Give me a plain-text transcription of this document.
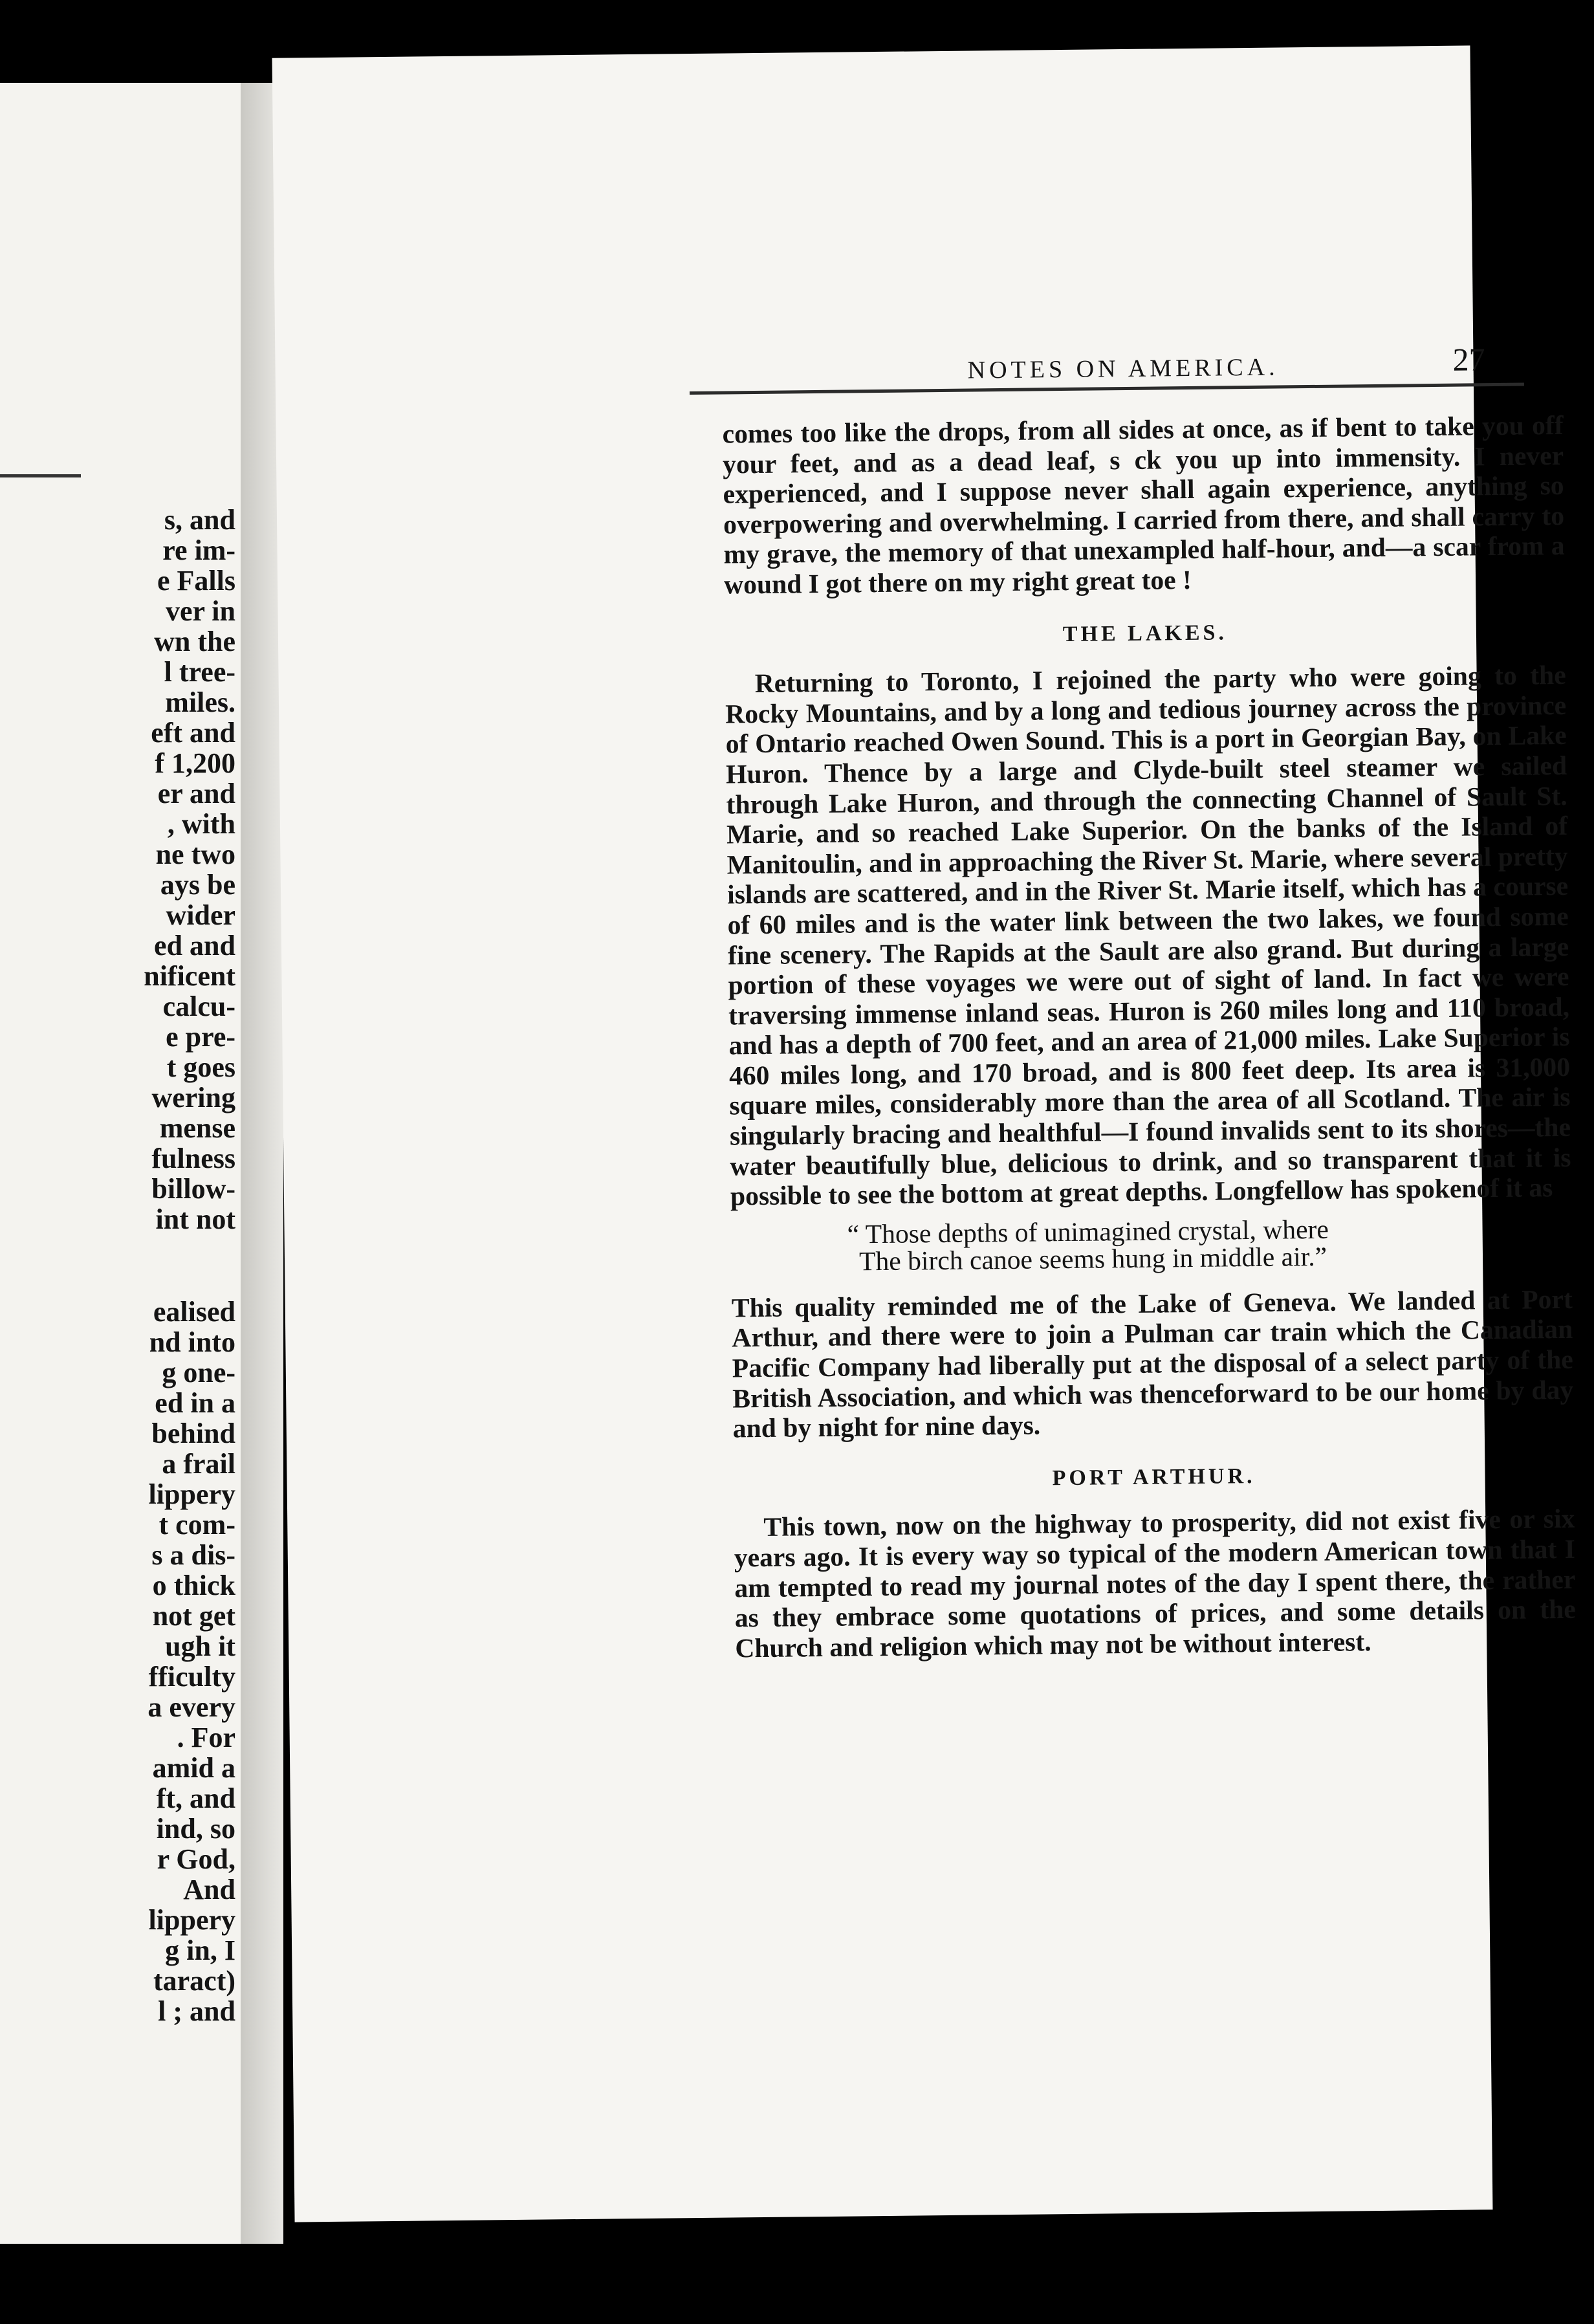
s, and
re im-
e Falls
ver in
wn the
l tree-
miles.
eft and
f 1,200
er and
, with
ne two
ays be
wider
ed and
nificent
calcu-
e pre-
t goes
wering
mense
fulness
billow-
int not
ealised
nd into
g one-
ed in a
behind
a frail
lippery
t com-
s a dis-
o thick
not get
ugh it
fficulty
a every
. For
amid a
ft, and
ind, so
r God,
And
lippery
g in, I
taract)
l ; and
NOTES ON AMERICA.	27

comes too like the drops, from all sides at once, as if bent to take you off your feet, and as a dead leaf, s ck you up into immensity. I never experienced, and I suppose never shall again experience, anything so overpowering and overwhelming. I carried from there, and shall carry to my grave, the memory of that unexampled half-hour, and—a scar from a wound I got there on my right great toe !

THE LAKES.

Returning to Toronto, I rejoined the party who were going to the Rocky Mountains, and by a long and tedious journey across the province of Ontario reached Owen Sound. This is a port in Georgian Bay, on Lake Huron. Thence by a large and Clyde-built steel steamer we sailed through Lake Huron, and through the connecting Channel of Sault St. Marie, and so reached Lake Superior. On the banks of the Island of Manitoulin, and in approaching the River St. Marie, where several pretty islands are scattered, and in the River St. Marie itself, which has a course of 60 miles and is the water link between the two lakes, we found some fine scenery. The Rapids at the Sault are also grand. But during a large portion of these voyages we were out of sight of land. In fact we were traversing immense inland seas. Huron is 260 miles long and 110 broad, and has a depth of 700 feet, and an area of 21,000 miles. Lake Superior is 460 miles long, and 170 broad, and is 800 feet deep. Its area is 31,000 square miles, considerably more than the area of all Scotland. The air is singularly bracing and healthful—I found invalids sent to its shores—the water beautifully blue, delicious to drink, and so transparent that it is possible to see the bottom at great depths. Longfellow has spokenof it as

“ Those depths of unimagined crystal, where
The birch canoe seems hung in middle air.”

This quality reminded me of the Lake of Geneva. We landed at Port Arthur, and there were to join a Pulman car train which the Canadian Pacific Company had liberally put at the disposal of a select party of the British Association, and which was thenceforward to be our home by day and by night for nine days.

PORT ARTHUR.

This town, now on the highway to prosperity, did not exist five or six years ago. It is every way so typical of the modern American town that I am tempted to read my journal notes of the day I spent there, the rather as they embrace some quotations of prices, and some details on the Church and religion which may not be without interest.
